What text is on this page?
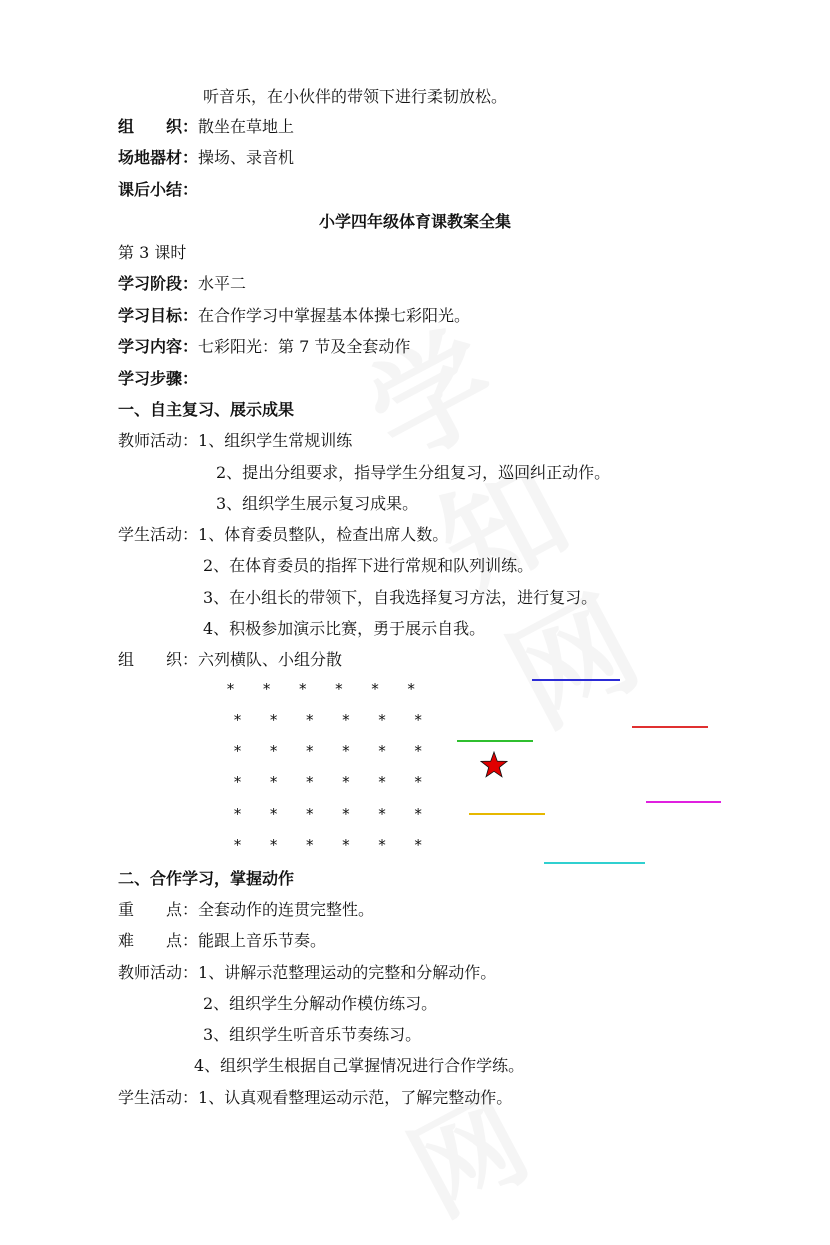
听音乐，在小伙伴的带领下进行柔韧放松。
组　　织：散坐在草地上
场地器材：操场、录音机
课后小结：
小学四年级体育课教案全集
第 3 课时
学习阶段：水平二
学习目标：在合作学习中掌握基本体操七彩阳光。
学习内容：七彩阳光：第 7 节及全套动作
学习步骤：
一、自主复习、展示成果
教师活动：1、组织学生常规训练
2、提出分组要求，指导学生分组复习，巡回纠正动作。
3、组织学生展示复习成果。
学生活动：1、体育委员整队，检查出席人数。
2、在体育委员的指挥下进行常规和队列训练。
3、在小组长的带领下，自我选择复习方法，进行复习。
4、积极参加演示比赛，勇于展示自我。
组　　织：六列横队、小组分散
*   *   *   *   *   *
*   *   *   *   *   *
*   *   *   *   *   *
*   *   *   *   *   *
*   *   *   *   *   *
*   *   *   *   *   *
二、合作学习，掌握动作
重　　点：全套动作的连贯完整性。
难　　点：能跟上音乐节奏。
教师活动：1、讲解示范整理运动的完整和分解动作。
2、组织学生分解动作模仿练习。
3、组织学生听音乐节奏练习。
4、组织学生根据自己掌握情况进行合作学练。
学生活动：1、认真观看整理运动示范，了解完整动作。
